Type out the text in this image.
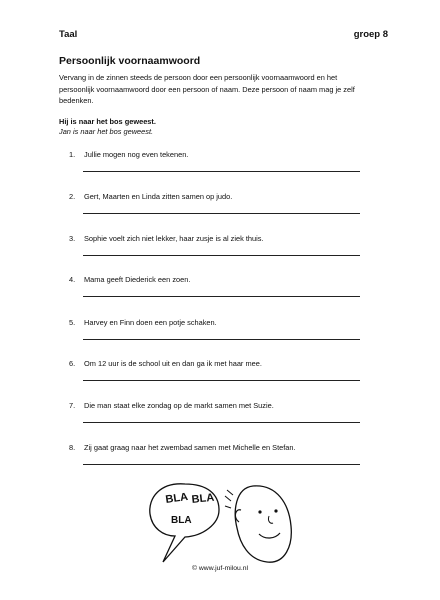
Taal	groep 8
Persoonlijk voornaamwoord
Vervang in de zinnen steeds de persoon door een persoonlijk voornaamwoord en het
persoonlijk voornaamwoord door een persoon of naam. Deze persoon of naam mag je zelf
bedenken.
Hij is naar het bos geweest.
Jan is naar het bos geweest.
1.	Jullie mogen nog even tekenen.
2.	Gert, Maarten en Linda zitten samen op judo.
3.	Sophie voelt zich niet lekker, haar zusje is al ziek thuis.
4.	Mama geeft Diederick een zoen.
5.	Harvey en Finn doen een potje schaken.
6.	Om 12 uur is de school uit en dan ga ik met haar mee.
7.	Die man staat elke zondag op de markt samen met Suzie.
8.	Zij gaat graag naar het zwembad samen met Michelle en Stefan.
BLA BLA
BLA
© www.juf-milou.nl
